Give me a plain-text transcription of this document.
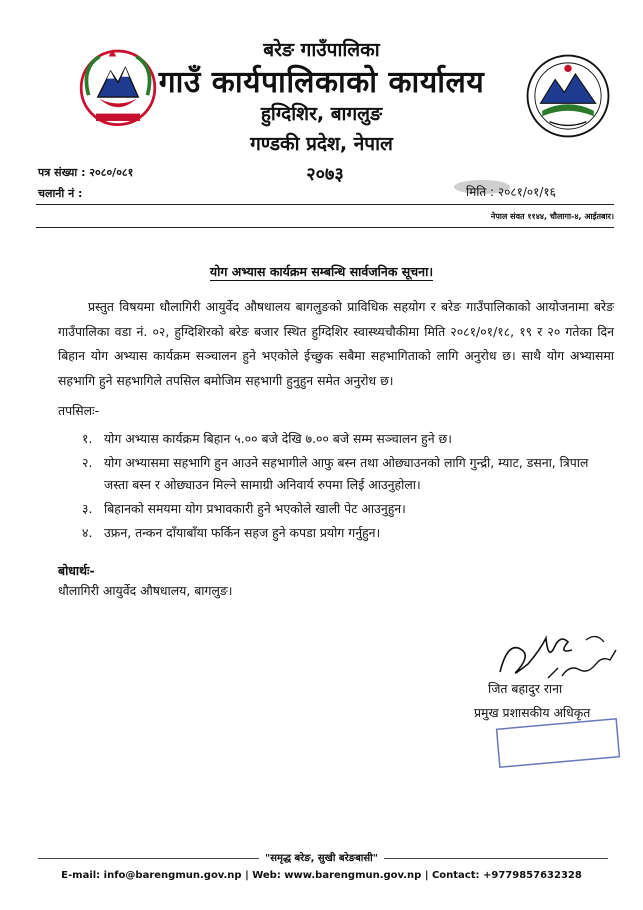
बरेङ गाउँपालिका
गाउँ कार्यपालिकाको कार्यालय
हुग्दिशिर, बागलुङ
गण्डकी प्रदेश, नेपाल
पत्र संख्या : २०८०/०८१	२०७३
चलानी नं :	मिति : २०८१/०१/१६
नेपाल संवत ११४४, चौलागा-४, आईतबार।
योग अभ्यास कार्यक्रम सम्बन्धि सार्वजनिक सूचना।
प्रस्तुत विषयमा धौलागिरी आयुर्वेद औषधालय बागलुङको प्राविधिक सहयोग र बरेङ गाउँपालिकाको आयोजनामा बरेङ गाउँपालिका वडा नं. ०२, हुग्दिशिरको बरेङ बजार स्थित हुग्दिशिर स्वास्थ्यचौकीमा मिति २०८१/०१/१८, १९ र २० गतेका दिन बिहान योग अभ्यास कार्यक्रम सञ्चालन हुने भएकोले ईच्छुक सबैमा सहभागिताको लागि अनुरोध छ। साथै योग अभ्यासमा सहभागि हुने सहभागिले तपसिल बमोजिम सहभागी हुनुहुन समेत अनुरोध छ।
तपसिलः-
१. योग अभ्यास कार्यक्रम बिहान ५.०० बजे देखि ७.०० बजे सम्म सञ्चालन हुने छ।
२. योग अभ्यासमा सहभागि हुन आउने सहभागीले आफु बस्न तथा ओछ्याउनको लागि गुन्द्री, म्याट, डसना, त्रिपाल जस्ता बस्न र ओछ्याउन मिल्ने सामाग्री अनिवार्य रुपमा लिई आउनुहोला।
३. बिहानको समयमा योग प्रभावकारी हुने भएकोले खाली पेट आउनुहुन।
४. उफ्रन, तन्कन दाँयाबाँया फर्किन सहज हुने कपडा प्रयोग गर्नुहुन।
बोधार्थः-
धौलागिरी आयुर्वेद औषधालय, बागलुङ।
जित बहादुर राना
प्रमुख प्रशासकीय अधिकृत
"समृद्ध बरेङ, सुखी बरेङबासी"
E-mail: info@barengmun.gov.np | Web: www.barengmun.gov.np | Contact: +9779857632328
